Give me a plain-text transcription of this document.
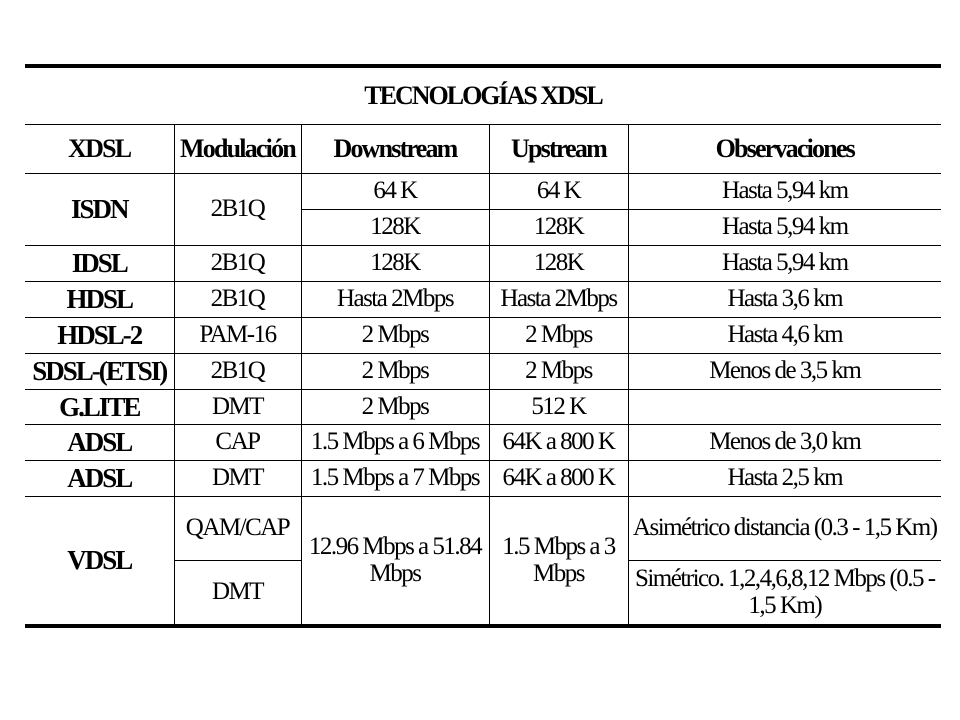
TECNOLOGÍAS XDSL				
XDSL	Modulación	Downstream	Upstream	Observaciones
ISDN	2B1Q	64 K	64 K	Hasta 5,94 km
		128K	128K	Hasta 5,94 km
IDSL	2B1Q	128K	128K	Hasta 5,94 km
HDSL	2B1Q	Hasta 2Mbps	Hasta 2Mbps	Hasta 3,6 km
HDSL-2	PAM-16	2 Mbps	2 Mbps	Hasta 4,6 km
SDSL-(ETSI)	2B1Q	2 Mbps	2 Mbps	Menos de 3,5 km
G.LITE	DMT	2 Mbps	512 K	
ADSL	CAP	1.5 Mbps a 6 Mbps	64K a 800 K	Menos de 3,0 km
ADSL	DMT	1.5 Mbps a 7 Mbps	64K a 800 K	Hasta 2,5 km
VDSL	QAM/CAP	12.96 Mbps a 51.84 Mbps	1.5 Mbps a 3 Mbps	Asimétrico distancia (0.3 - 1,5 Km)
	DMT			Simétrico. 1,2,4,6,8,12 Mbps (0.5 - 1,5 Km)
